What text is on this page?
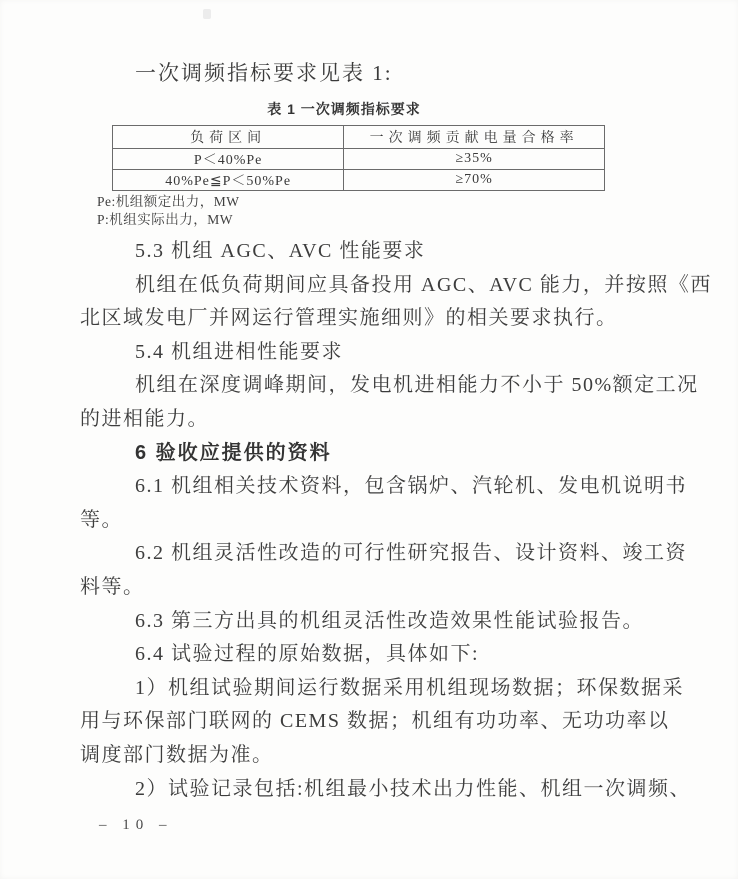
一次调频指标要求见表 1:
表 1 一次调频指标要求
负荷区间	一次调频贡献电量合格率
P＜40%Pe	≥35%
40%Pe≦P＜50%Pe	≥70%
Pe:机组额定出力，MW
P:机组实际出力，MW
5.3 机组 AGC、AVC 性能要求
机组在低负荷期间应具备投用 AGC、AVC 能力，并按照《西
北区域发电厂并网运行管理实施细则》的相关要求执行。
5.4 机组进相性能要求
机组在深度调峰期间，发电机进相能力不小于 50%额定工况
的进相能力。
6 验收应提供的资料
6.1 机组相关技术资料，包含锅炉、汽轮机、发电机说明书
等。
6.2 机组灵活性改造的可行性研究报告、设计资料、竣工资
料等。
6.3 第三方出具的机组灵活性改造效果性能试验报告。
6.4 试验过程的原始数据，具体如下:
1）机组试验期间运行数据采用机组现场数据；环保数据采
用与环保部门联网的 CEMS 数据；机组有功功率、无功功率以
调度部门数据为准。
2）试验记录包括:机组最小技术出力性能、机组一次调频、
– 10 –
